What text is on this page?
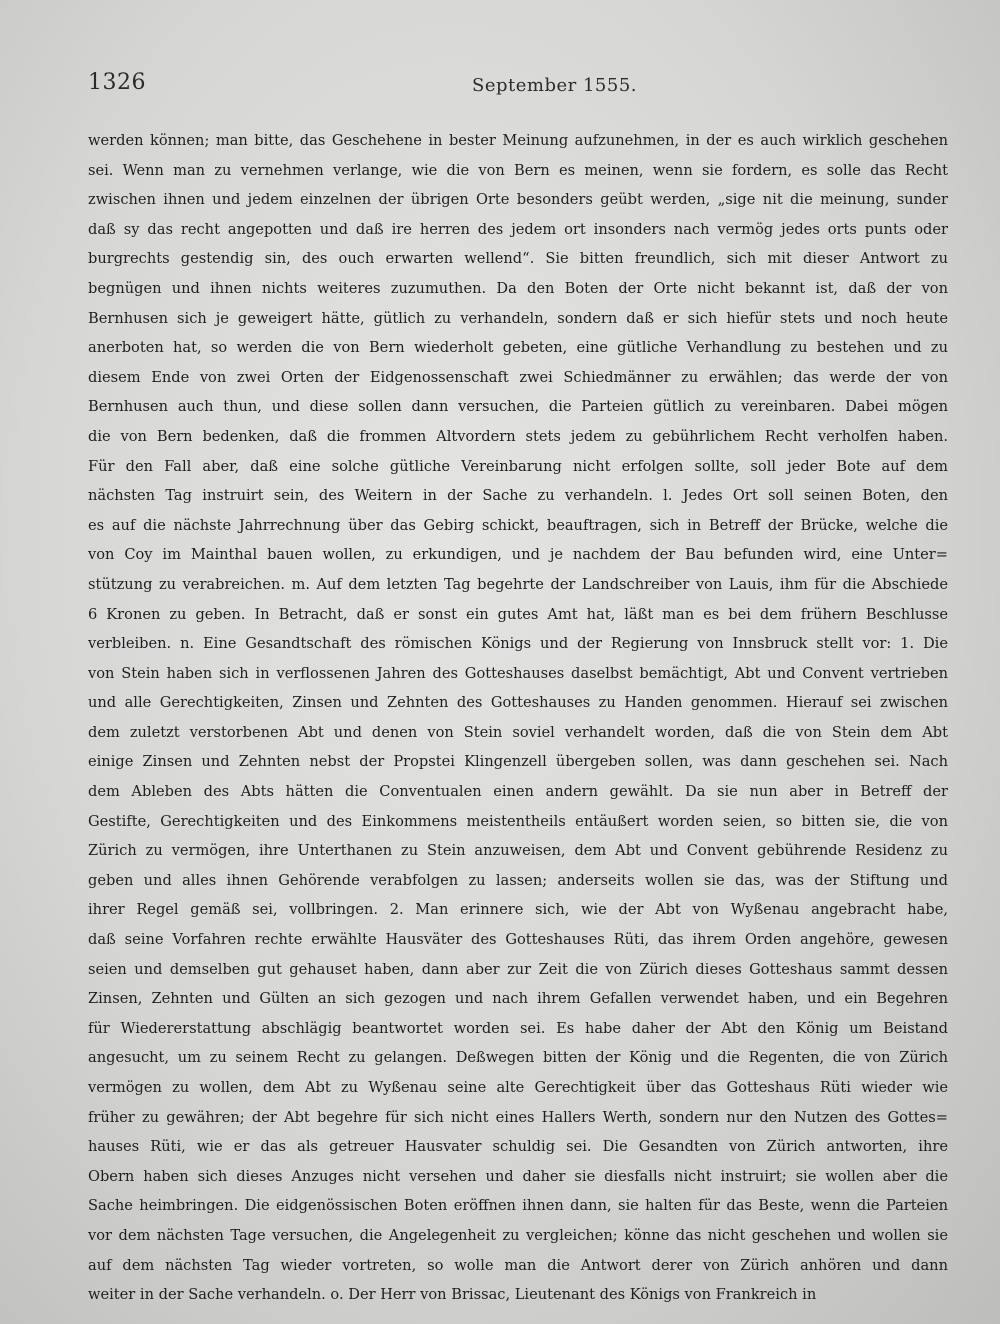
1326	September 1555.
werden können; man bitte, das Geschehene in bester Meinung aufzunehmen, in der es auch wirklich geschehen
sei. Wenn man zu vernehmen verlange, wie die von Bern es meinen, wenn sie fordern, es solle das Recht
zwischen ihnen und jedem einzelnen der übrigen Orte besonders geübt werden, „sige nit die meinung, sunder
daß sy das recht angepotten und daß ire herren des jedem ort insonders nach vermög jedes orts punts oder
burgrechts gestendig sin, des ouch erwarten wellend“. Sie bitten freundlich, sich mit dieser Antwort zu
begnügen und ihnen nichts weiteres zuzumuthen. Da den Boten der Orte nicht bekannt ist, daß der von
Bernhusen sich je geweigert hätte, gütlich zu verhandeln, sondern daß er sich hiefür stets und noch heute
anerboten hat, so werden die von Bern wiederholt gebeten, eine gütliche Verhandlung zu bestehen und zu
diesem Ende von zwei Orten der Eidgenossenschaft zwei Schiedmänner zu erwählen; das werde der von
Bernhusen auch thun, und diese sollen dann versuchen, die Parteien gütlich zu vereinbaren. Dabei mögen
die von Bern bedenken, daß die frommen Altvordern stets jedem zu gebührlichem Recht verholfen haben.
Für den Fall aber, daß eine solche gütliche Vereinbarung nicht erfolgen sollte, soll jeder Bote auf dem
nächsten Tag instruirt sein, des Weitern in der Sache zu verhandeln. l. Jedes Ort soll seinen Boten, den
es auf die nächste Jahrrechnung über das Gebirg schickt, beauftragen, sich in Betreff der Brücke, welche die
von Coy im Mainthal bauen wollen, zu erkundigen, und je nachdem der Bau befunden wird, eine Unter=
stützung zu verabreichen. m. Auf dem letzten Tag begehrte der Landschreiber von Lauis, ihm für die Abschiede
6 Kronen zu geben. In Betracht, daß er sonst ein gutes Amt hat, läßt man es bei dem frühern Beschlusse
verbleiben. n. Eine Gesandtschaft des römischen Königs und der Regierung von Innsbruck stellt vor: 1. Die
von Stein haben sich in verflossenen Jahren des Gotteshauses daselbst bemächtigt, Abt und Convent vertrieben
und alle Gerechtigkeiten, Zinsen und Zehnten des Gotteshauses zu Handen genommen. Hierauf sei zwischen
dem zuletzt verstorbenen Abt und denen von Stein soviel verhandelt worden, daß die von Stein dem Abt
einige Zinsen und Zehnten nebst der Propstei Klingenzell übergeben sollen, was dann geschehen sei. Nach
dem Ableben des Abts hätten die Conventualen einen andern gewählt. Da sie nun aber in Betreff der
Gestifte, Gerechtigkeiten und des Einkommens meistentheils entäußert worden seien, so bitten sie, die von
Zürich zu vermögen, ihre Unterthanen zu Stein anzuweisen, dem Abt und Convent gebührende Residenz zu
geben und alles ihnen Gehörende verabfolgen zu lassen; anderseits wollen sie das, was der Stiftung und
ihrer Regel gemäß sei, vollbringen. 2. Man erinnere sich, wie der Abt von Wyßenau angebracht habe,
daß seine Vorfahren rechte erwählte Hausväter des Gotteshauses Rüti, das ihrem Orden angehöre, gewesen
seien und demselben gut gehauset haben, dann aber zur Zeit die von Zürich dieses Gotteshaus sammt dessen
Zinsen, Zehnten und Gülten an sich gezogen und nach ihrem Gefallen verwendet haben, und ein Begehren
für Wiedererstattung abschlägig beantwortet worden sei. Es habe daher der Abt den König um Beistand
angesucht, um zu seinem Recht zu gelangen. Deßwegen bitten der König und die Regenten, die von Zürich
vermögen zu wollen, dem Abt zu Wyßenau seine alte Gerechtigkeit über das Gotteshaus Rüti wieder wie
früher zu gewähren; der Abt begehre für sich nicht eines Hallers Werth, sondern nur den Nutzen des Gottes=
hauses Rüti, wie er das als getreuer Hausvater schuldig sei. Die Gesandten von Zürich antworten, ihre
Obern haben sich dieses Anzuges nicht versehen und daher sie diesfalls nicht instruirt; sie wollen aber die
Sache heimbringen. Die eidgenössischen Boten eröffnen ihnen dann, sie halten für das Beste, wenn die Parteien
vor dem nächsten Tage versuchen, die Angelegenheit zu vergleichen; könne das nicht geschehen und wollen sie
auf dem nächsten Tag wieder vortreten, so wolle man die Antwort derer von Zürich anhören und dann
weiter in der Sache verhandeln. o. Der Herr von Brissac, Lieutenant des Königs von Frankreich in
